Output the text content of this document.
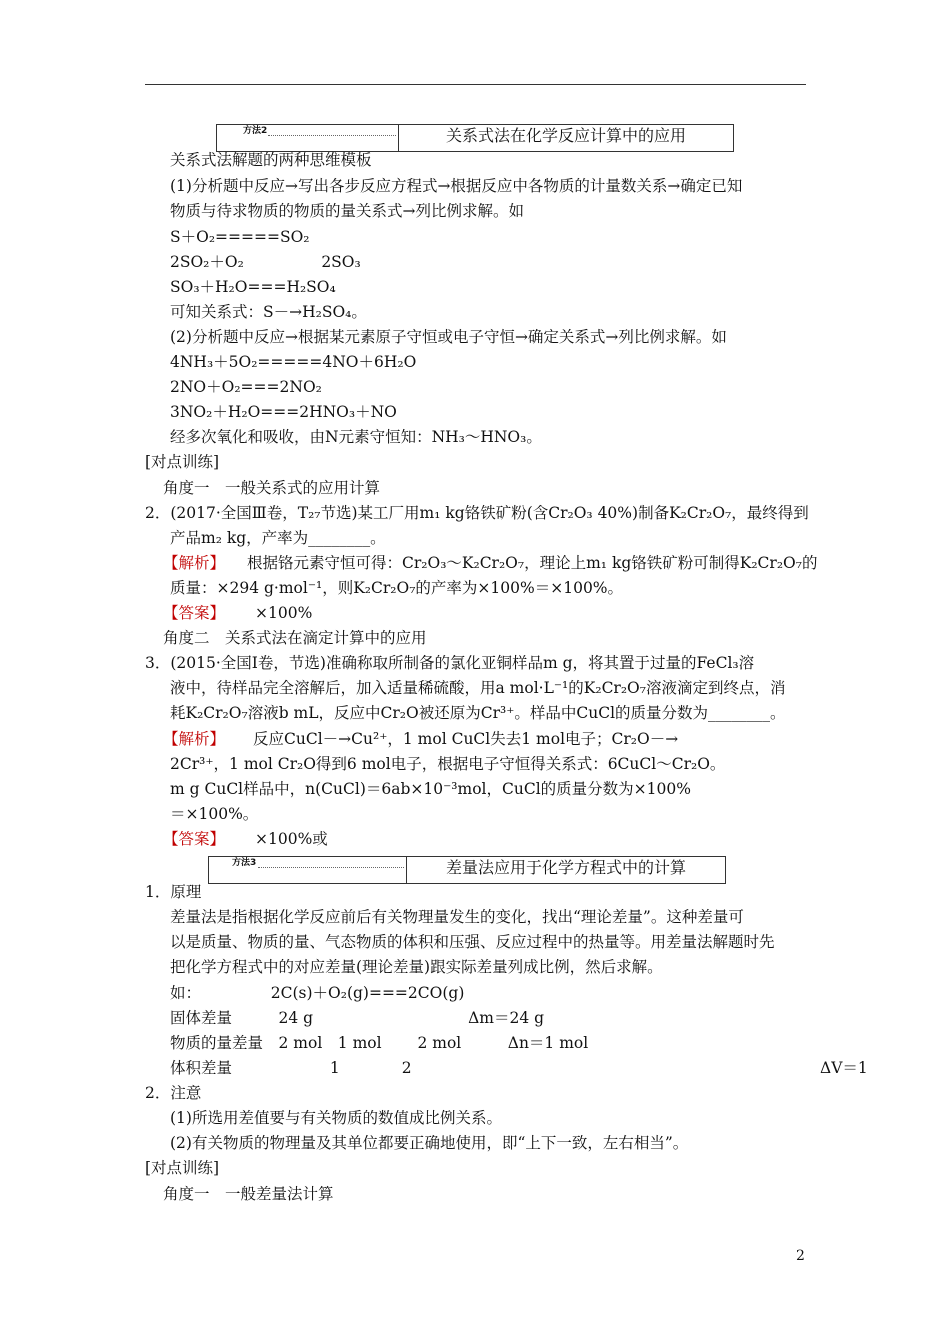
方法2	关系式法在化学反应计算中的应用
关系式法解题的两种思维模板
(1)分析题中反应→写出各步反应方程式→根据反应中各物质的计量数关系→确定已知
物质与待求物质的物质的量关系式→列比例求解。如
S＋O₂=====SO₂
2SO₂＋O₂　　　　　2SO₃
SO₃＋H₂O===H₂SO₄
可知关系式：S－→H₂SO₄。
(2)分析题中反应→根据某元素原子守恒或电子守恒→确定关系式→列比例求解。如
4NH₃＋5O₂=====4NO＋6H₂O
2NO＋O₂===2NO₂
3NO₂＋H₂O===2HNO₃＋NO
经多次氧化和吸收，由N元素守恒知：NH₃～HNO₃。
[对点训练]
角度一　一般关系式的应用计算
2．(2017·全国Ⅲ卷，T₂₇节选)某工厂用m₁ kg铬铁矿粉(含Cr₂O₃ 40%)制备K₂Cr₂O₇，最终得到
产品m₂ kg，产率为________。
【解析】 根据铬元素守恒可得：Cr₂O₃～K₂Cr₂O₇，理论上m₁ kg铬铁矿粉可制得K₂Cr₂O₇的
质量：×294 g·mol⁻¹，则K₂Cr₂O₇的产率为×100%＝×100%。
【答案】 ×100%
角度二　关系式法在滴定计算中的应用
3．(2015·全国Ⅰ卷，节选)准确称取所制备的氯化亚铜样品m g，将其置于过量的FeCl₃溶
液中，待样品完全溶解后，加入适量稀硫酸，用a mol·L⁻¹的K₂Cr₂O₇溶液滴定到终点，消
耗K₂Cr₂O₇溶液b mL，反应中Cr₂O被还原为Cr³⁺。样品中CuCl的质量分数为________。
【解析】 反应CuCl－→Cu²⁺，1 mol CuCl失去1 mol电子；Cr₂O－→
2Cr³⁺，1 mol Cr₂O得到6 mol电子，根据电子守恒得关系式：6CuCl～Cr₂O。
m g CuCl样品中，n(CuCl)＝6ab×10⁻³mol，CuCl的质量分数为×100%
＝×100%。
【答案】 ×100%或
方法3	差量法应用于化学方程式中的计算
1．原理
差量法是指根据化学反应前后有关物理量发生的变化，找出“理论差量”。这种差量可
以是质量、物质的量、气态物质的体积和压强、反应过程中的热量等。用差量法解题时先
把化学方程式中的对应差量(理论差量)跟实际差量列成比例，然后求解。
如：　　　　　2C(s)＋O₂(g)===2CO(g)
固体差量　　　24 g　　　　　　　　　　Δm＝24 g
物质的量差量　2 mol　1 mol　　 2 mol　　　Δn＝1 mol
体积差量　　　　　　 1　　　　2	ΔV＝1
2．注意
(1)所选用差值要与有关物质的数值成比例关系。
(2)有关物质的物理量及其单位都要正确地使用，即“上下一致，左右相当”。
[对点训练]
角度一　一般差量法计算
2
